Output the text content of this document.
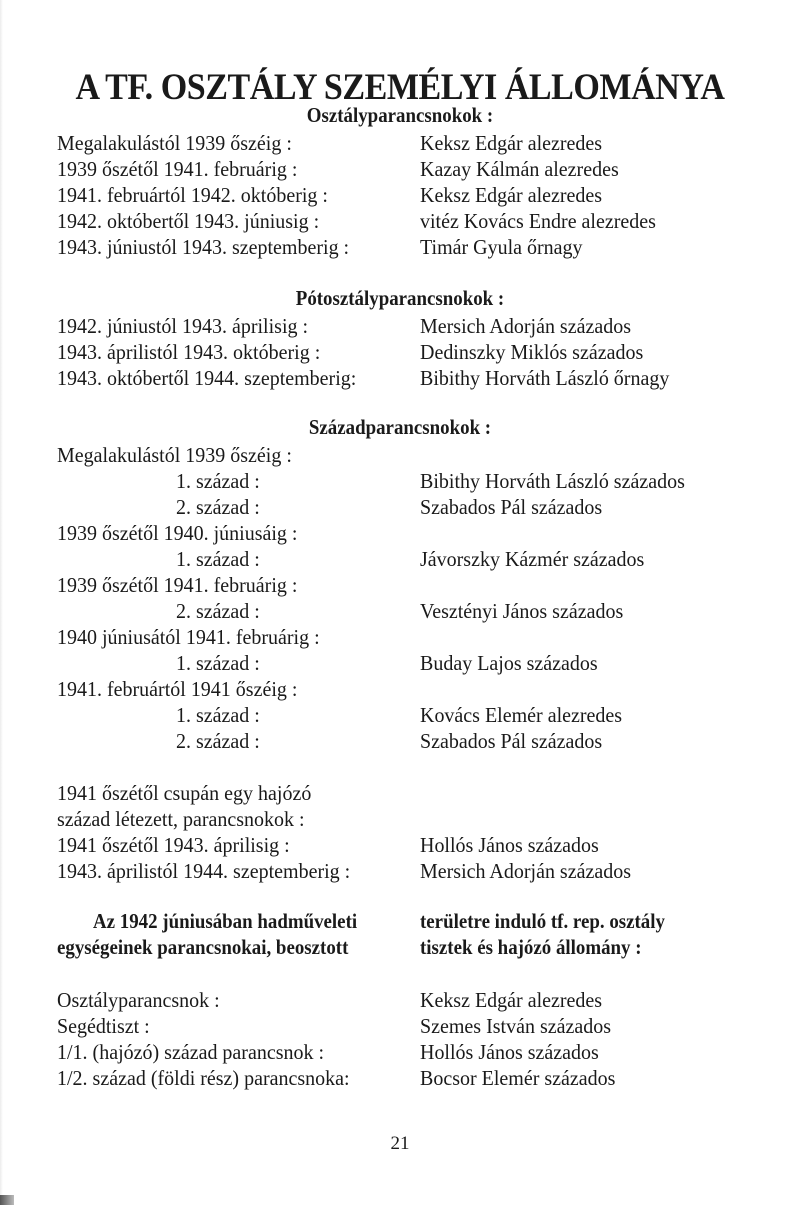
A TF. OSZTÁLY SZEMÉLYI ÁLLOMÁNYA
Osztályparancsnokok :
Megalakulástól 1939 őszéig :	Keksz Edgár alezredes
1939 őszétől 1941. februárig :	Kazay Kálmán alezredes
1941. februártól 1942. októberig :	Keksz Edgár alezredes
1942. októbertől 1943. júniusig :	vitéz Kovács Endre alezredes
1943. júniustól 1943. szeptemberig :	Timár Gyula őrnagy
Pótosztályparancsnokok :
1942. júniustól 1943. áprilisig :	Mersich Adorján százados
1943. áprilistól 1943. októberig :	Dedinszky Miklós százados
1943. októbertől 1944. szeptemberig:	Bibithy Horváth László őrnagy
Századparancsnokok :
Megalakulástól 1939 őszéig :
1. század :	Bibithy Horváth László százados
2. század :	Szabados Pál százados
1939 őszétől 1940. júniusáig :
1. század :	Jávorszky Kázmér százados
1939 őszétől 1941. februárig :
2. század :	Vesztényi János százados
1940 júniusától 1941. februárig :
1. század :	Buday Lajos százados
1941. februártól 1941 őszéig :
1. század :	Kovács Elemér alezredes
2. század :	Szabados Pál százados
1941 őszétől csupán egy hajózó
század létezett, parancsnokok :
1941 őszétől 1943. áprilisig :	Hollós János százados
1943. áprilistól 1944. szeptemberig :	Mersich Adorján százados
Az 1942 júniusában hadműveleti	területre induló tf. rep. osztály
egységeinek parancsnokai, beosztott	tisztek és hajózó állomány :
Osztályparancsnok :	Keksz Edgár alezredes
Segédtiszt :	Szemes István százados
1/1. (hajózó) század parancsnok :	Hollós János százados
1/2. század (földi rész) parancsnoka:	Bocsor Elemér százados
21
